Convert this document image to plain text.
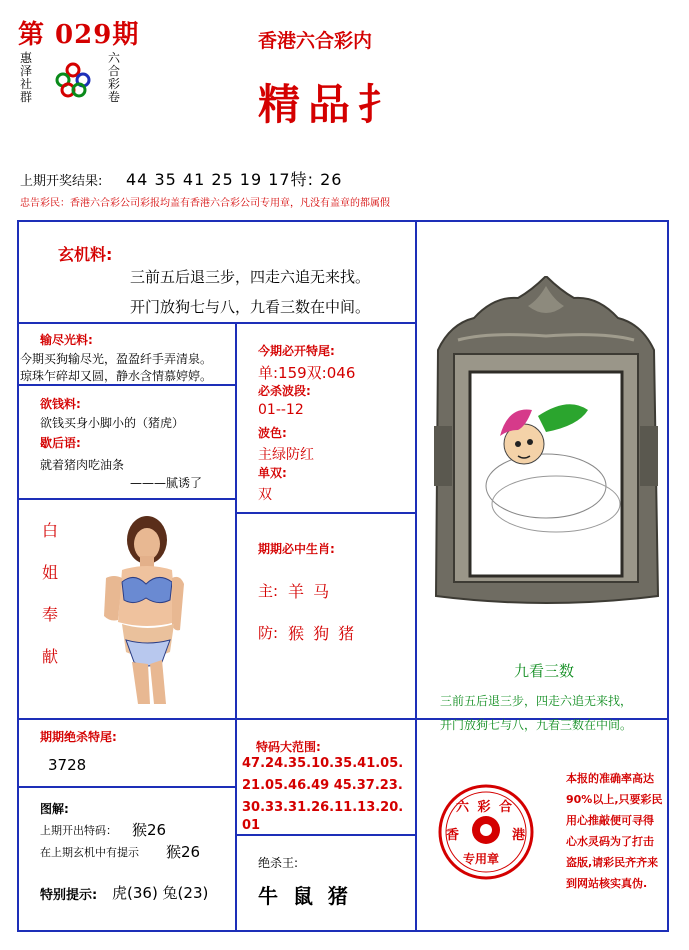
第 029期
惠泽社群
六合彩卷
香港六合彩内
精品扌
上期开奖结果: 44 35 41 25 19 17特: 26
忠告彩民：香港六合彩公司彩报均盖有香港六合彩公司专用章，凡没有盖章的都属假
玄机料:
三前五后退三步，四走六追无来找。
开门放狗七与八，九看三数在中间。
输尽光料:
今期买狗输尽光，盈盈纤手弄清泉。
琼珠乍碎却又圆，静水含情慕婷婷。
欲钱料:
欲钱买身小脚小的（猪虎）
歇后语:
就着猪肉吃油条
———腻诱了
今期必开特尾:
单:159双:046
必杀波段:
01--12
波色:
主绿防红
单双:
双
白
姐
奉
献
期期必中生肖:
主: 羊 马
防: 猴 狗 猪
九看三数
三前五后退三步，四走六追无来找，
开门放狗七与八，九看三数在中间。
期期绝杀特尾:
3728
特码大范围:
47.24.35.10.35.41.05.
21.05.46.49 45.37.23.
30.33.31.26.11.13.20.
01
图解:
上期开出特码： 猴26
在上期玄机中有提示 猴26
特别提示: 虎(36) 兔(23)
绝杀王:
牛 鼠 猪
六 彩 合
香	港
专用章
本报的准确率高达 90%以上,只要彩民用心推敲便可寻得心水灵码为了打击盗版,请彩民齐齐来到网站核实真伪.
